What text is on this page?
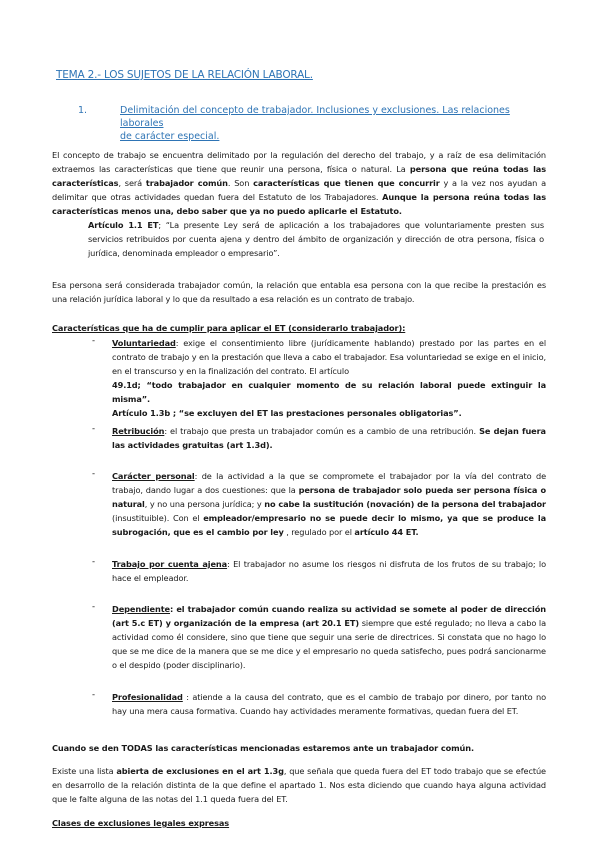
TEMA 2.- LOS SUJETOS DE LA RELACIÓN LABORAL.
1.	Delimitación del concepto de trabajador. Inclusiones y exclusiones. Las relaciones laborales
de carácter especial.
El concepto de trabajo se encuentra delimitado por la regulación del derecho del trabajo, y a raíz de esa delimitación extraemos las características que tiene que reunir una persona, física o natural. La persona que reúna todas las características, será trabajador común. Son características que tienen que concurrir y a la vez nos ayudan a delimitar que otras actividades quedan fuera del Estatuto de los Trabajadores. Aunque la persona reúna todas las características menos una, debo saber que ya no puedo aplicarle el Estatuto.
Artículo 1.1 ET; “La presente Ley será de aplicación a los trabajadores que voluntariamente presten sus servicios retribuidos por cuenta ajena y dentro del ámbito de organización y dirección de otra persona, física o jurídica, denominada empleador o empresario”.
Esa persona será considerada trabajador común, la relación que entabla esa persona con la que recibe la prestación es una relación jurídica laboral y lo que da resultado a esa relación es un contrato de trabajo.
Características que ha de cumplir para aplicar el ET (considerarlo trabajador):
- Voluntariedad: exige el consentimiento libre (jurídicamente hablando) prestado por las partes en el contrato de trabajo y en la prestación que lleva a cabo el trabajador. Esa voluntariedad se exige en el inicio, en el transcurso y en la finalización del contrato. El artículo
49.1d; “todo trabajador en cualquier momento de su relación laboral puede extinguir la misma”.
Artículo 1.3b ; “se excluyen del ET las prestaciones personales obligatorias”.
- Retribución: el trabajo que presta un trabajador común es a cambio de una retribución. Se dejan fuera las actividades gratuitas (art 1.3d).
- Carácter personal: de la actividad a la que se compromete el trabajador por la vía del contrato de trabajo, dando lugar a dos cuestiones: que la persona de trabajador solo pueda ser persona física o natural, y no una persona jurídica; y no cabe la sustitución (novación) de la persona del trabajador (insustituible). Con el empleador/empresario no se puede decir lo mismo, ya que se produce la subrogación, que es el cambio por ley , regulado por el artículo 44 ET.
- Trabajo por cuenta ajena: El trabajador no asume los riesgos ni disfruta de los frutos de su trabajo; lo hace el empleador.
- Dependiente: el trabajador común cuando realiza su actividad se somete al poder de dirección (art 5.c ET) y organización de la empresa (art 20.1 ET) siempre que esté regulado; no lleva a cabo la actividad como él considere, sino que tiene que seguir una serie de directrices. Si constata que no hago lo que se me dice de la manera que se me dice y el empresario no queda satisfecho, pues podrá sancionarme o el despido (poder disciplinario).
- Profesionalidad : atiende a la causa del contrato, que es el cambio de trabajo por dinero, por tanto no hay una mera causa formativa. Cuando hay actividades meramente formativas, quedan fuera del ET.
Cuando se den TODAS las características mencionadas estaremos ante un trabajador común.
Existe una lista abierta de exclusiones en el art 1.3g, que señala que queda fuera del ET todo trabajo que se efectúe en desarrollo de la relación distinta de la que define el apartado 1. Nos esta diciendo que cuando haya alguna actividad que le falte alguna de las notas del 1.1 queda fuera del ET.
Clases de exclusiones legales expresas
